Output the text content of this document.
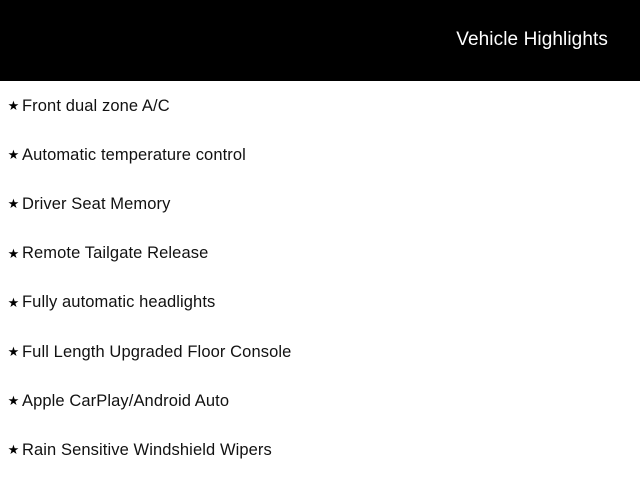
Vehicle Highlights
★ Front dual zone A/C
★ Automatic temperature control
★ Driver Seat Memory
★ Remote Tailgate Release
★ Fully automatic headlights
★ Full Length Upgraded Floor Console
★ Apple CarPlay/Android Auto
★ Rain Sensitive Windshield Wipers
